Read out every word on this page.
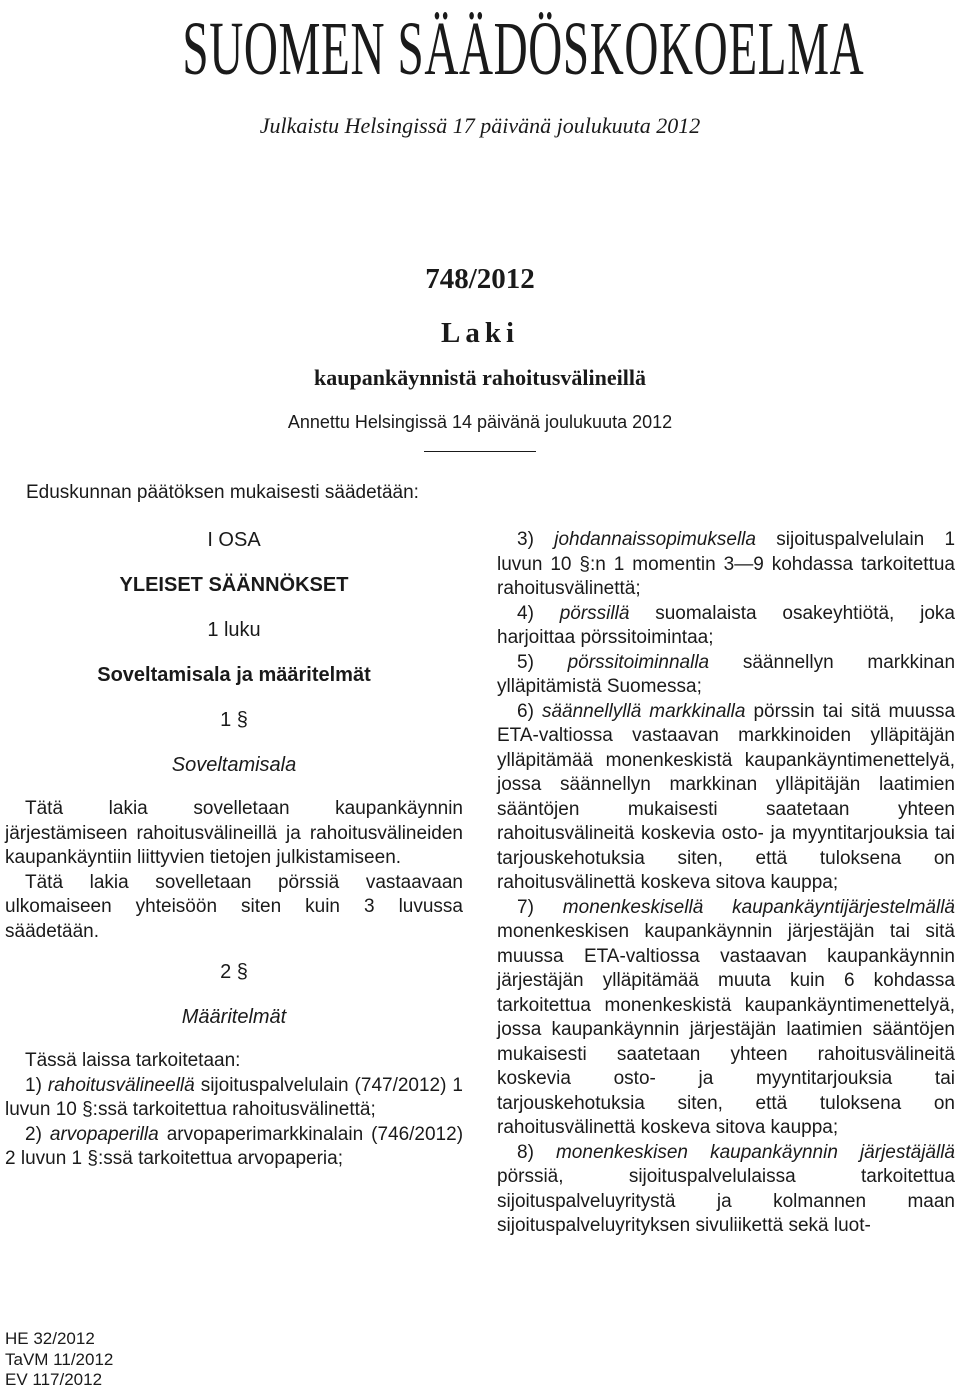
SUOMEN SÄÄDÖSKOKOELMA
Julkaistu Helsingissä 17 päivänä joulukuuta 2012
748/2012
Laki
kaupankäynnistä rahoitusvälineillä
Annettu Helsingissä 14 päivänä joulukuuta 2012
Eduskunnan päätöksen mukaisesti säädetään:
I OSA
YLEISET SÄÄNNÖKSET
1 luku
Soveltamisala ja määritelmät
1 §
Soveltamisala

Tätä lakia sovelletaan kaupankäynnin järjestämiseen rahoitusvälineillä ja rahoitusvälineiden kaupankäyntiin liittyvien tietojen julkistamiseen.

Tätä lakia sovelletaan pörssiä vastaavaan ulkomaiseen yhteisöön siten kuin 3 luvussa säädetään.

2 §
Määritelmät

Tässä laissa tarkoitetaan:

1) rahoitusvälineellä sijoituspalvelulain (747/2012) 1 luvun 10 §:ssä tarkoitettua rahoitusvälinettä;

2) arvopaperilla arvopaperimarkkinalain (746/2012) 2 luvun 1 §:ssä tarkoitettua arvopaperia;

3) johdannaissopimuksella sijoituspalvelulain 1 luvun 10 §:n 1 momentin 3—9 kohdassa tarkoitettua rahoitusvälinettä;

4) pörssillä suomalaista osakeyhtiötä, joka harjoittaa pörssitoimintaa;

5) pörssitoiminnalla säännellyn markkinan ylläpitämistä Suomessa;

6) säännellyllä markkinalla pörssin tai sitä muussa ETA-valtiossa vastaavan markkinoiden ylläpitäjän ylläpitämää monenkeskistä kaupankäyntimenettelyä, jossa säännellyn markkinan ylläpitäjän laatimien sääntöjen mukaisesti saatetaan yhteen rahoitusvälineitä koskevia osto- ja myyntitarjouksia tai tarjouskehotuksia siten, että tuloksena on rahoitusvälinettä koskeva sitova kauppa;

7) monenkeskisellä kaupankäyntijärjestelmällä monenkeskisen kaupankäynnin järjestäjän tai sitä muussa ETA-valtiossa vastaavan kaupankäynnin järjestäjän ylläpitämää muuta kuin 6 kohdassa tarkoitettua monenkeskistä kaupankäyntimenettelyä, jossa kaupankäynnin järjestäjän laatimien sääntöjen mukaisesti saatetaan yhteen rahoitusvälineitä koskevia osto- ja myyntitarjouksia tai tarjouskehotuksia siten, että tuloksena on rahoitusvälinettä koskeva sitova kauppa;

8) monenkeskisen kaupankäynnin järjestäjällä pörssiä, sijoituspalvelulaissa tarkoitettua sijoituspalveluyritystä ja kolmannen maan sijoituspalveluyrityksen sivuliikettä sekä luot-

HE 32/2012
TaVM 11/2012
EV 117/2012
